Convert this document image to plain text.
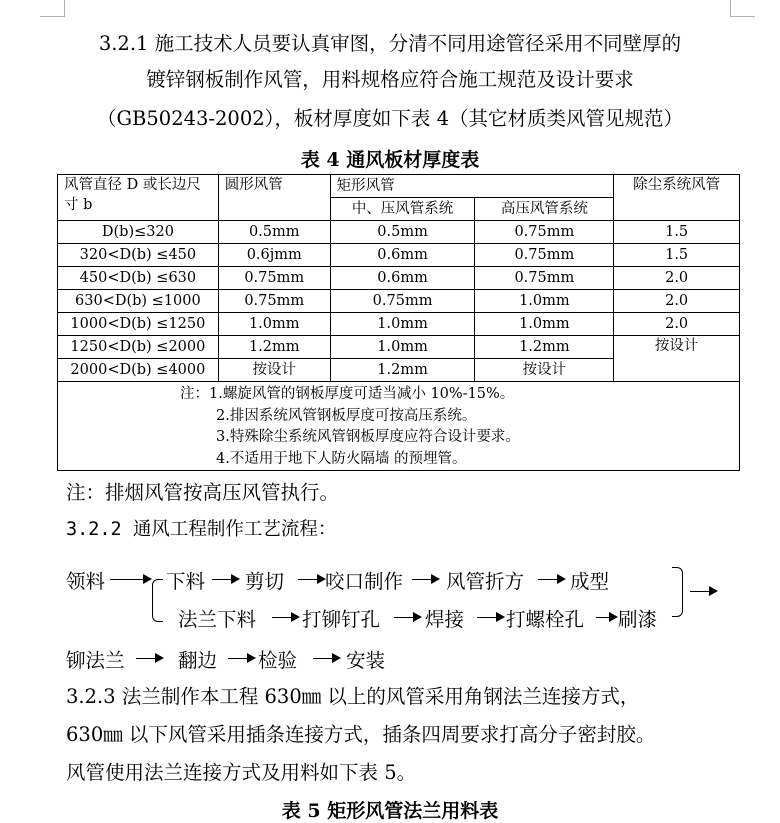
3.2.1 施工技术人员要认真审图，分清不同用途管径采用不同壁厚的
镀锌钢板制作风管，用料规格应符合施工规范及设计要求
（GB50243-2002），板材厚度如下表 4（其它材质类风管见规范）
表 4 通风板材厚度表
风管直径 D 或长边尺寸 b	圆形风管	矩形风管		除尘系统风管
		中、压风管系统	高压风管系统	
D(b)≤320	0.5mm	0.5mm	0.75mm	1.5
320<D(b) ≤450	0.6jmm	0.6mm	0.75mm	1.5
450<D(b) ≤630	0.75mm	0.6mm	0.75mm	2.0
630<D(b) ≤1000	0.75mm	0.75mm	1.0mm	2.0
1000<D(b) ≤1250	1.0mm	1.0mm	1.0mm	2.0
1250<D(b) ≤2000	1.2mm	1.0mm	1.2mm	按设计
2000<D(b) ≤4000	按设计	1.2mm	按设计	

注：1.螺旋风管的钢板厚度可适当减小 10%-15%。
2.排因系统风管钢板厚度可按高压系统。
3.特殊除尘系统风管钢板厚度应符合设计要求。
4.不适用于地下人防火隔墙 的预埋管。				
注：排烟风管按高压风管执行。
3.2.2 通风工程制作工艺流程：
领料	下料 剪切 咬口制作 风管折方 成型
法兰下料 打铆钉孔 焊接 打螺栓孔 刷漆
铆法兰	翻边 检验	安装
3.2.3 法兰制作本工程 630㎜ 以上的风管采用角钢法兰连接方式，
630㎜ 以下风管采用插条连接方式，插条四周要求打高分子密封胶。
风管使用法兰连接方式及用料如下表 5。
表 5 矩形风管法兰用料表
